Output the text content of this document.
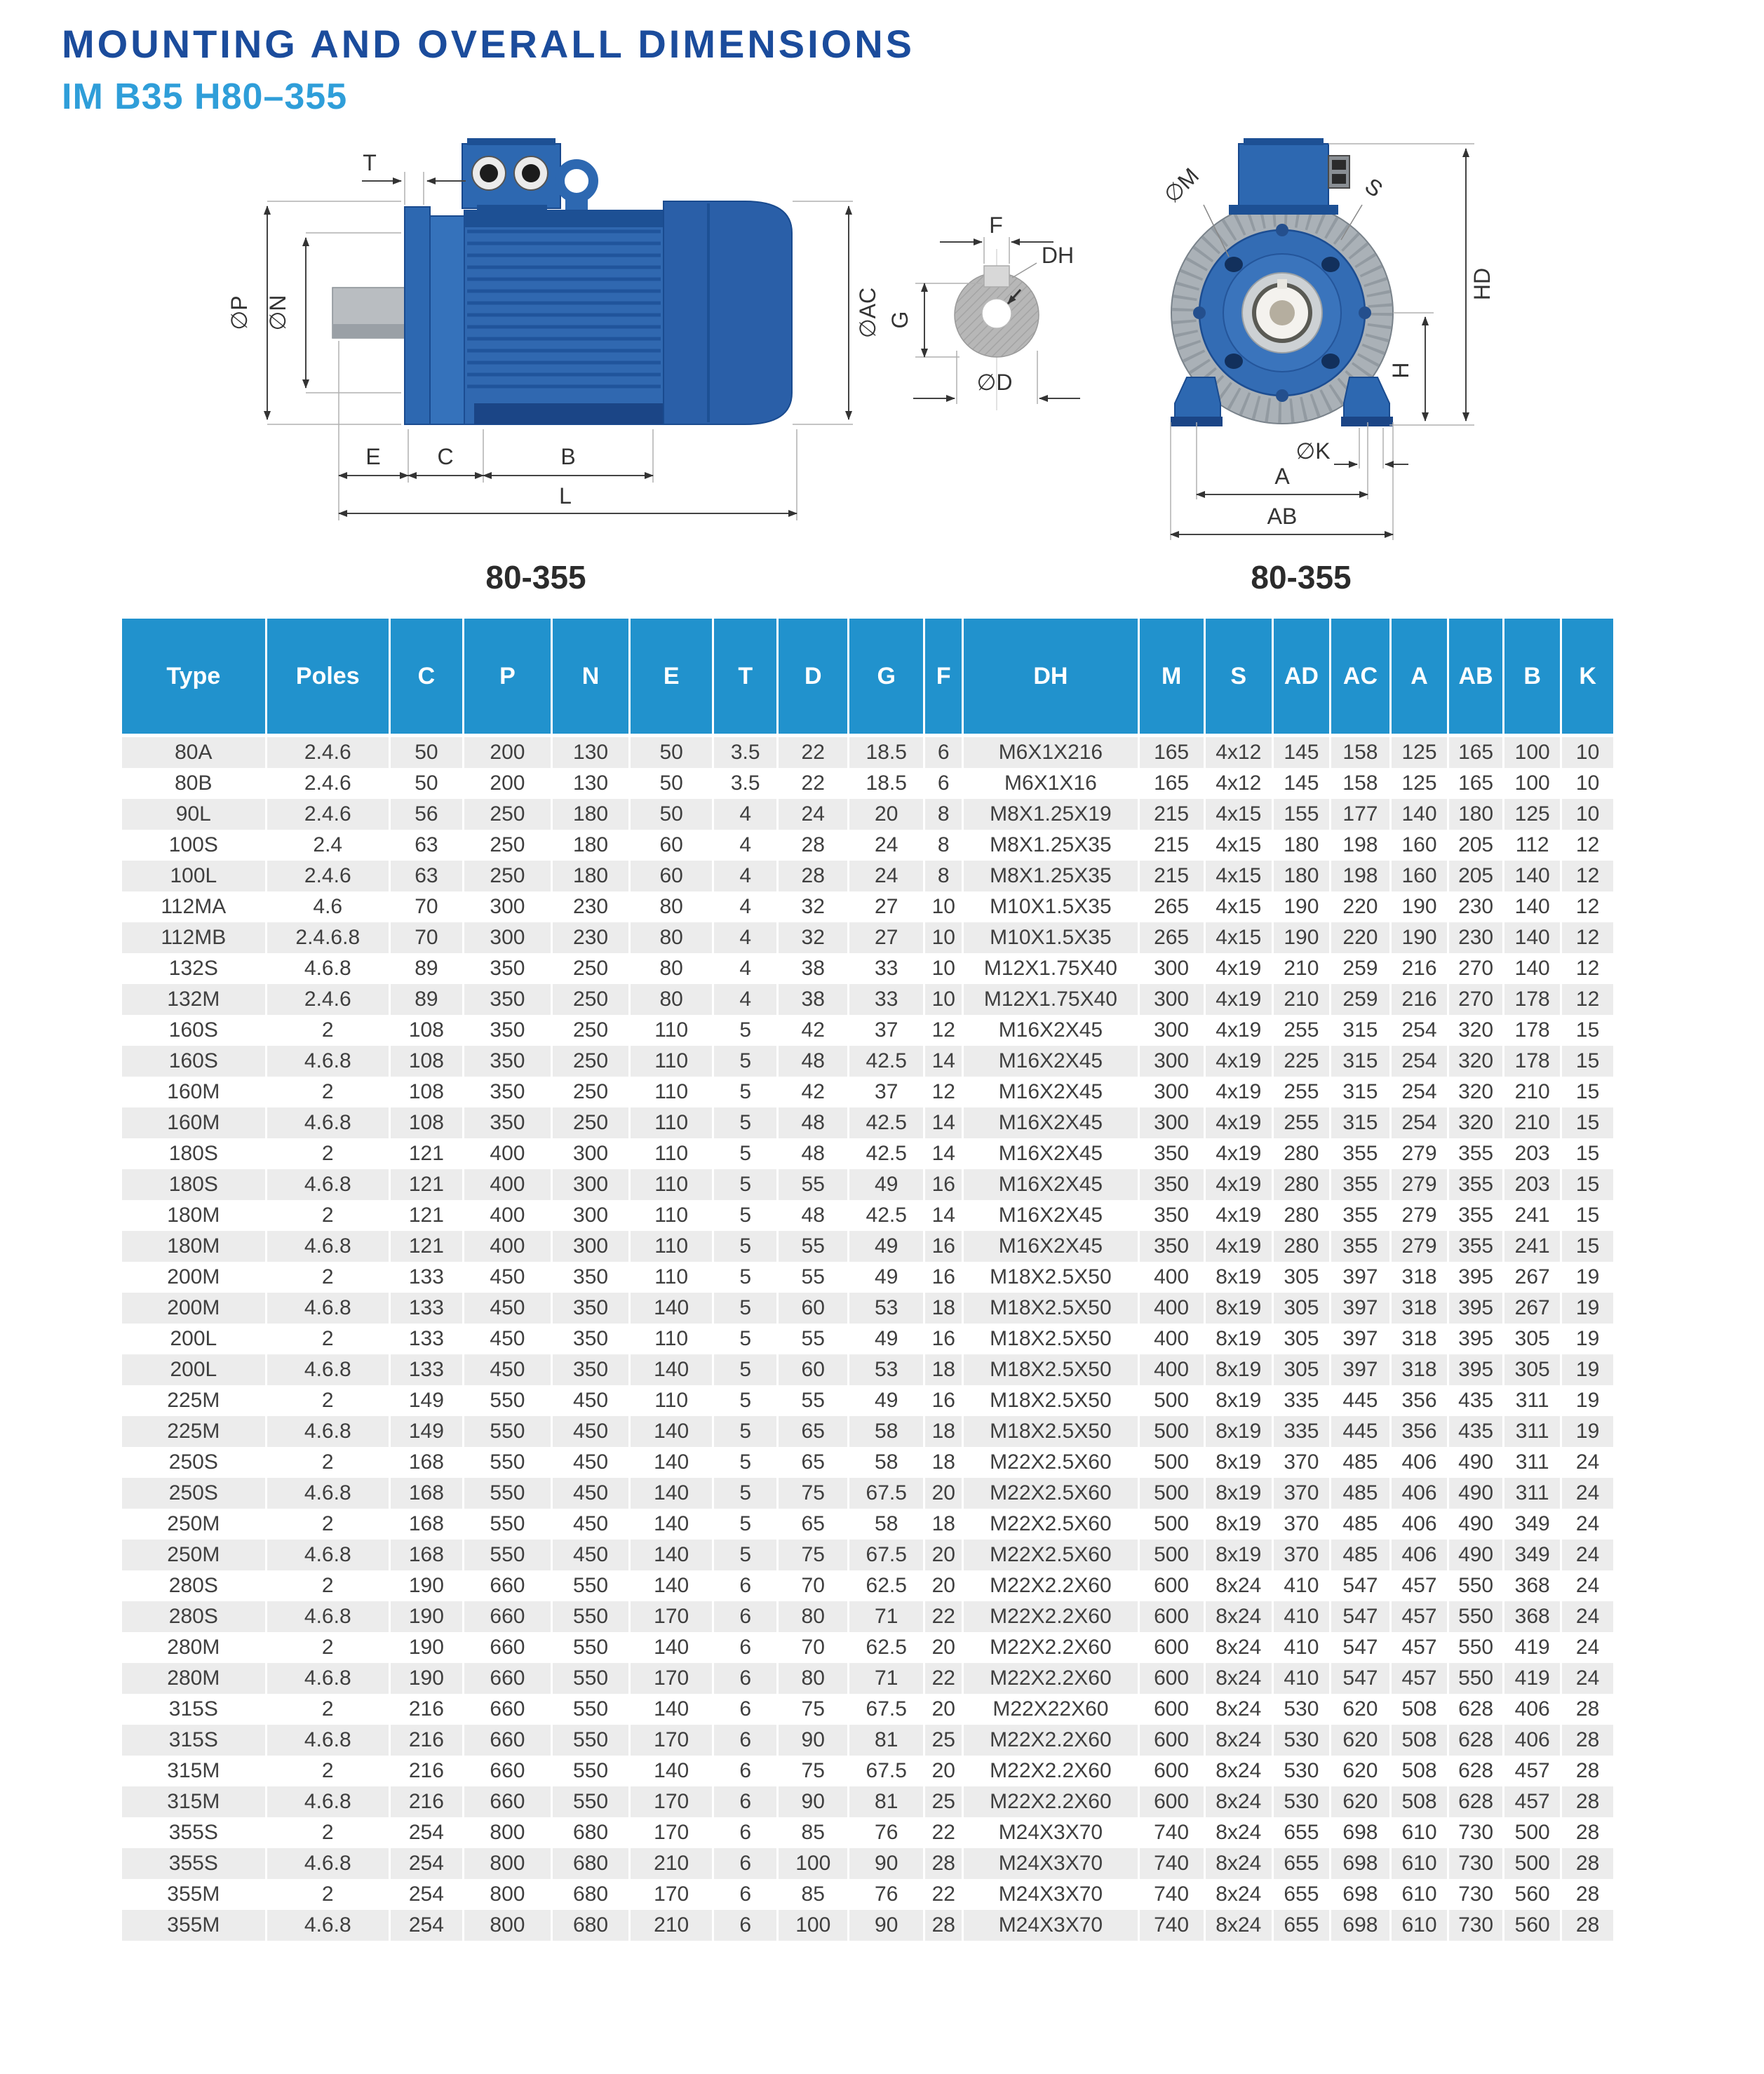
MOUNTING AND OVERALL DIMENSIONS
IM B35 H80–355
T
∅P ∅N	∅AC
E	C	B
L
F
DH
G
∅D
∅M	S
HD
H
∅K
A
AB
80-355	80-355
Type	Poles	C	P	N	E	T	D	G	F	DH	M	S	AD	AC	A	AB	B	K
80A	2.4.6	50	200	130	50	3.5	22	18.5	6	M6X1X216	165	4x12	145	158	125	165	100	10
80B	2.4.6	50	200	130	50	3.5	22	18.5	6	M6X1X16	165	4x12	145	158	125	165	100	10
90L	2.4.6	56	250	180	50	4	24	20	8	M8X1.25X19	215	4x15	155	177	140	180	125	10
100S	2.4	63	250	180	60	4	28	24	8	M8X1.25X35	215	4x15	180	198	160	205	112	12
100L	2.4.6	63	250	180	60	4	28	24	8	M8X1.25X35	215	4x15	180	198	160	205	140	12
112MA	4.6	70	300	230	80	4	32	27	10	M10X1.5X35	265	4x15	190	220	190	230	140	12
112MB	2.4.6.8	70	300	230	80	4	32	27	10	M10X1.5X35	265	4x15	190	220	190	230	140	12
132S	4.6.8	89	350	250	80	4	38	33	10	M12X1.75X40	300	4x19	210	259	216	270	140	12
132M	2.4.6	89	350	250	80	4	38	33	10	M12X1.75X40	300	4x19	210	259	216	270	178	12
160S	2	108	350	250	110	5	42	37	12	M16X2X45	300	4x19	255	315	254	320	178	15
160S	4.6.8	108	350	250	110	5	48	42.5	14	M16X2X45	300	4x19	225	315	254	320	178	15
160M	2	108	350	250	110	5	42	37	12	M16X2X45	300	4x19	255	315	254	320	210	15
160M	4.6.8	108	350	250	110	5	48	42.5	14	M16X2X45	300	4x19	255	315	254	320	210	15
180S	2	121	400	300	110	5	48	42.5	14	M16X2X45	350	4x19	280	355	279	355	203	15
180S	4.6.8	121	400	300	110	5	55	49	16	M16X2X45	350	4x19	280	355	279	355	203	15
180M	2	121	400	300	110	5	48	42.5	14	M16X2X45	350	4x19	280	355	279	355	241	15
180M	4.6.8	121	400	300	110	5	55	49	16	M16X2X45	350	4x19	280	355	279	355	241	15
200M	2	133	450	350	110	5	55	49	16	M18X2.5X50	400	8x19	305	397	318	395	267	19
200M	4.6.8	133	450	350	140	5	60	53	18	M18X2.5X50	400	8x19	305	397	318	395	267	19
200L	2	133	450	350	110	5	55	49	16	M18X2.5X50	400	8x19	305	397	318	395	305	19
200L	4.6.8	133	450	350	140	5	60	53	18	M18X2.5X50	400	8x19	305	397	318	395	305	19
225M	2	149	550	450	110	5	55	49	16	M18X2.5X50	500	8x19	335	445	356	435	311	19
225M	4.6.8	149	550	450	140	5	65	58	18	M18X2.5X50	500	8x19	335	445	356	435	311	19
250S	2	168	550	450	140	5	65	58	18	M22X2.5X60	500	8x19	370	485	406	490	311	24
250S	4.6.8	168	550	450	140	5	75	67.5	20	M22X2.5X60	500	8x19	370	485	406	490	311	24
250M	2	168	550	450	140	5	65	58	18	M22X2.5X60	500	8x19	370	485	406	490	349	24
250M	4.6.8	168	550	450	140	5	75	67.5	20	M22X2.5X60	500	8x19	370	485	406	490	349	24
280S	2	190	660	550	140	6	70	62.5	20	M22X2.2X60	600	8x24	410	547	457	550	368	24
280S	4.6.8	190	660	550	170	6	80	71	22	M22X2.2X60	600	8x24	410	547	457	550	368	24
280M	2	190	660	550	140	6	70	62.5	20	M22X2.2X60	600	8x24	410	547	457	550	419	24
280M	4.6.8	190	660	550	170	6	80	71	22	M22X2.2X60	600	8x24	410	547	457	550	419	24
315S	2	216	660	550	140	6	75	67.5	20	M22X22X60	600	8x24	530	620	508	628	406	28
315S	4.6.8	216	660	550	170	6	90	81	25	M22X2.2X60	600	8x24	530	620	508	628	406	28
315M	2	216	660	550	140	6	75	67.5	20	M22X2.2X60	600	8x24	530	620	508	628	457	28
315M	4.6.8	216	660	550	170	6	90	81	25	M22X2.2X60	600	8x24	530	620	508	628	457	28
355S	2	254	800	680	170	6	85	76	22	M24X3X70	740	8x24	655	698	610	730	500	28
355S	4.6.8	254	800	680	210	6	100	90	28	M24X3X70	740	8x24	655	698	610	730	500	28
355M	2	254	800	680	170	6	85	76	22	M24X3X70	740	8x24	655	698	610	730	560	28
355M	4.6.8	254	800	680	210	6	100	90	28	M24X3X70	740	8x24	655	698	610	730	560	28
